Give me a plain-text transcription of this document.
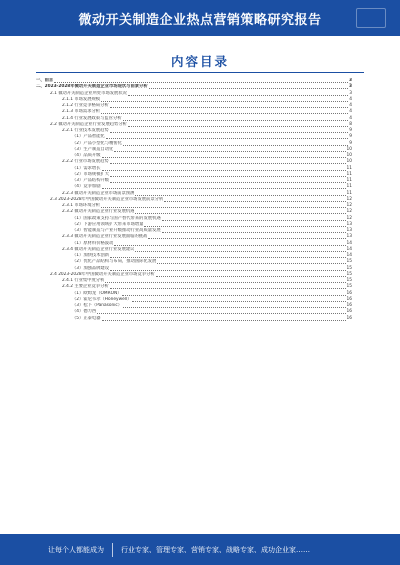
微动开关制造企业热点营销策略研究报告
内容目录
一、前言	3
二、2023-2028年微动开关制造企业市场现状与前景分析	3
2.1 微动开关制造企业所处市场发展状况	3
2.1.1 市场发展规模	4
2.1.2 行业竞争格局分析	4
2.1.3 市场需求分析	4
2.1.4 行业发展政策与监管分析	4
2.2 微动开关制造企业行业发展趋势分析	8
2.2.1 行业技术发展趋势	9
（1）产品智能化	9
（2）产品小型化与精密化	9
（3）生产制造自动化	10
（4）品质升级	10
2.2.2 行业市场发展趋势	10
（1）需求增长	11
（2）市场规模扩大	11
（3）产品结构升级	11
（4）竞争加剧	11
2.2.3 微动开关制造企业市场前景预测	11
2.3 2023-2028年中国微动开关制造企业市场发展前景分析	12
2.3.1 市场环境分析	12
2.3.2 微动开关制造企业行业发展机遇	12
（1）国家政策支持与国产替代带来的发展机遇	12
（2）下游应用领域扩大带来市场增量	13
（3）智能制造与产业升级推动行业高质量发展	13
2.3.3 微动开关制造企业行业发展面临的挑战	13
（1）原材料价格波动	14
2.3.4 微动开关制造企业行业发展建议	14
（1）加快技术创新	14
（2）优化产品结构与布局，推动国际化发展	15
（3）加强品牌建设	15
2.4 2023-2028年中国微动开关制造企业市场竞争分析	15
2.4.1 行业集中度分析	15
2.4.2 主要企业竞争分析	15
（1）欧姆龙（OMRON）	16
（2）霍尼韦尔（Honeywell）	16
（3）松下（Panasonic）	16
（4）德力西	16
（5）正泰电器	16
让每个人都能成为 行业专家、管理专家、营销专家、战略专家、成功企业家……
